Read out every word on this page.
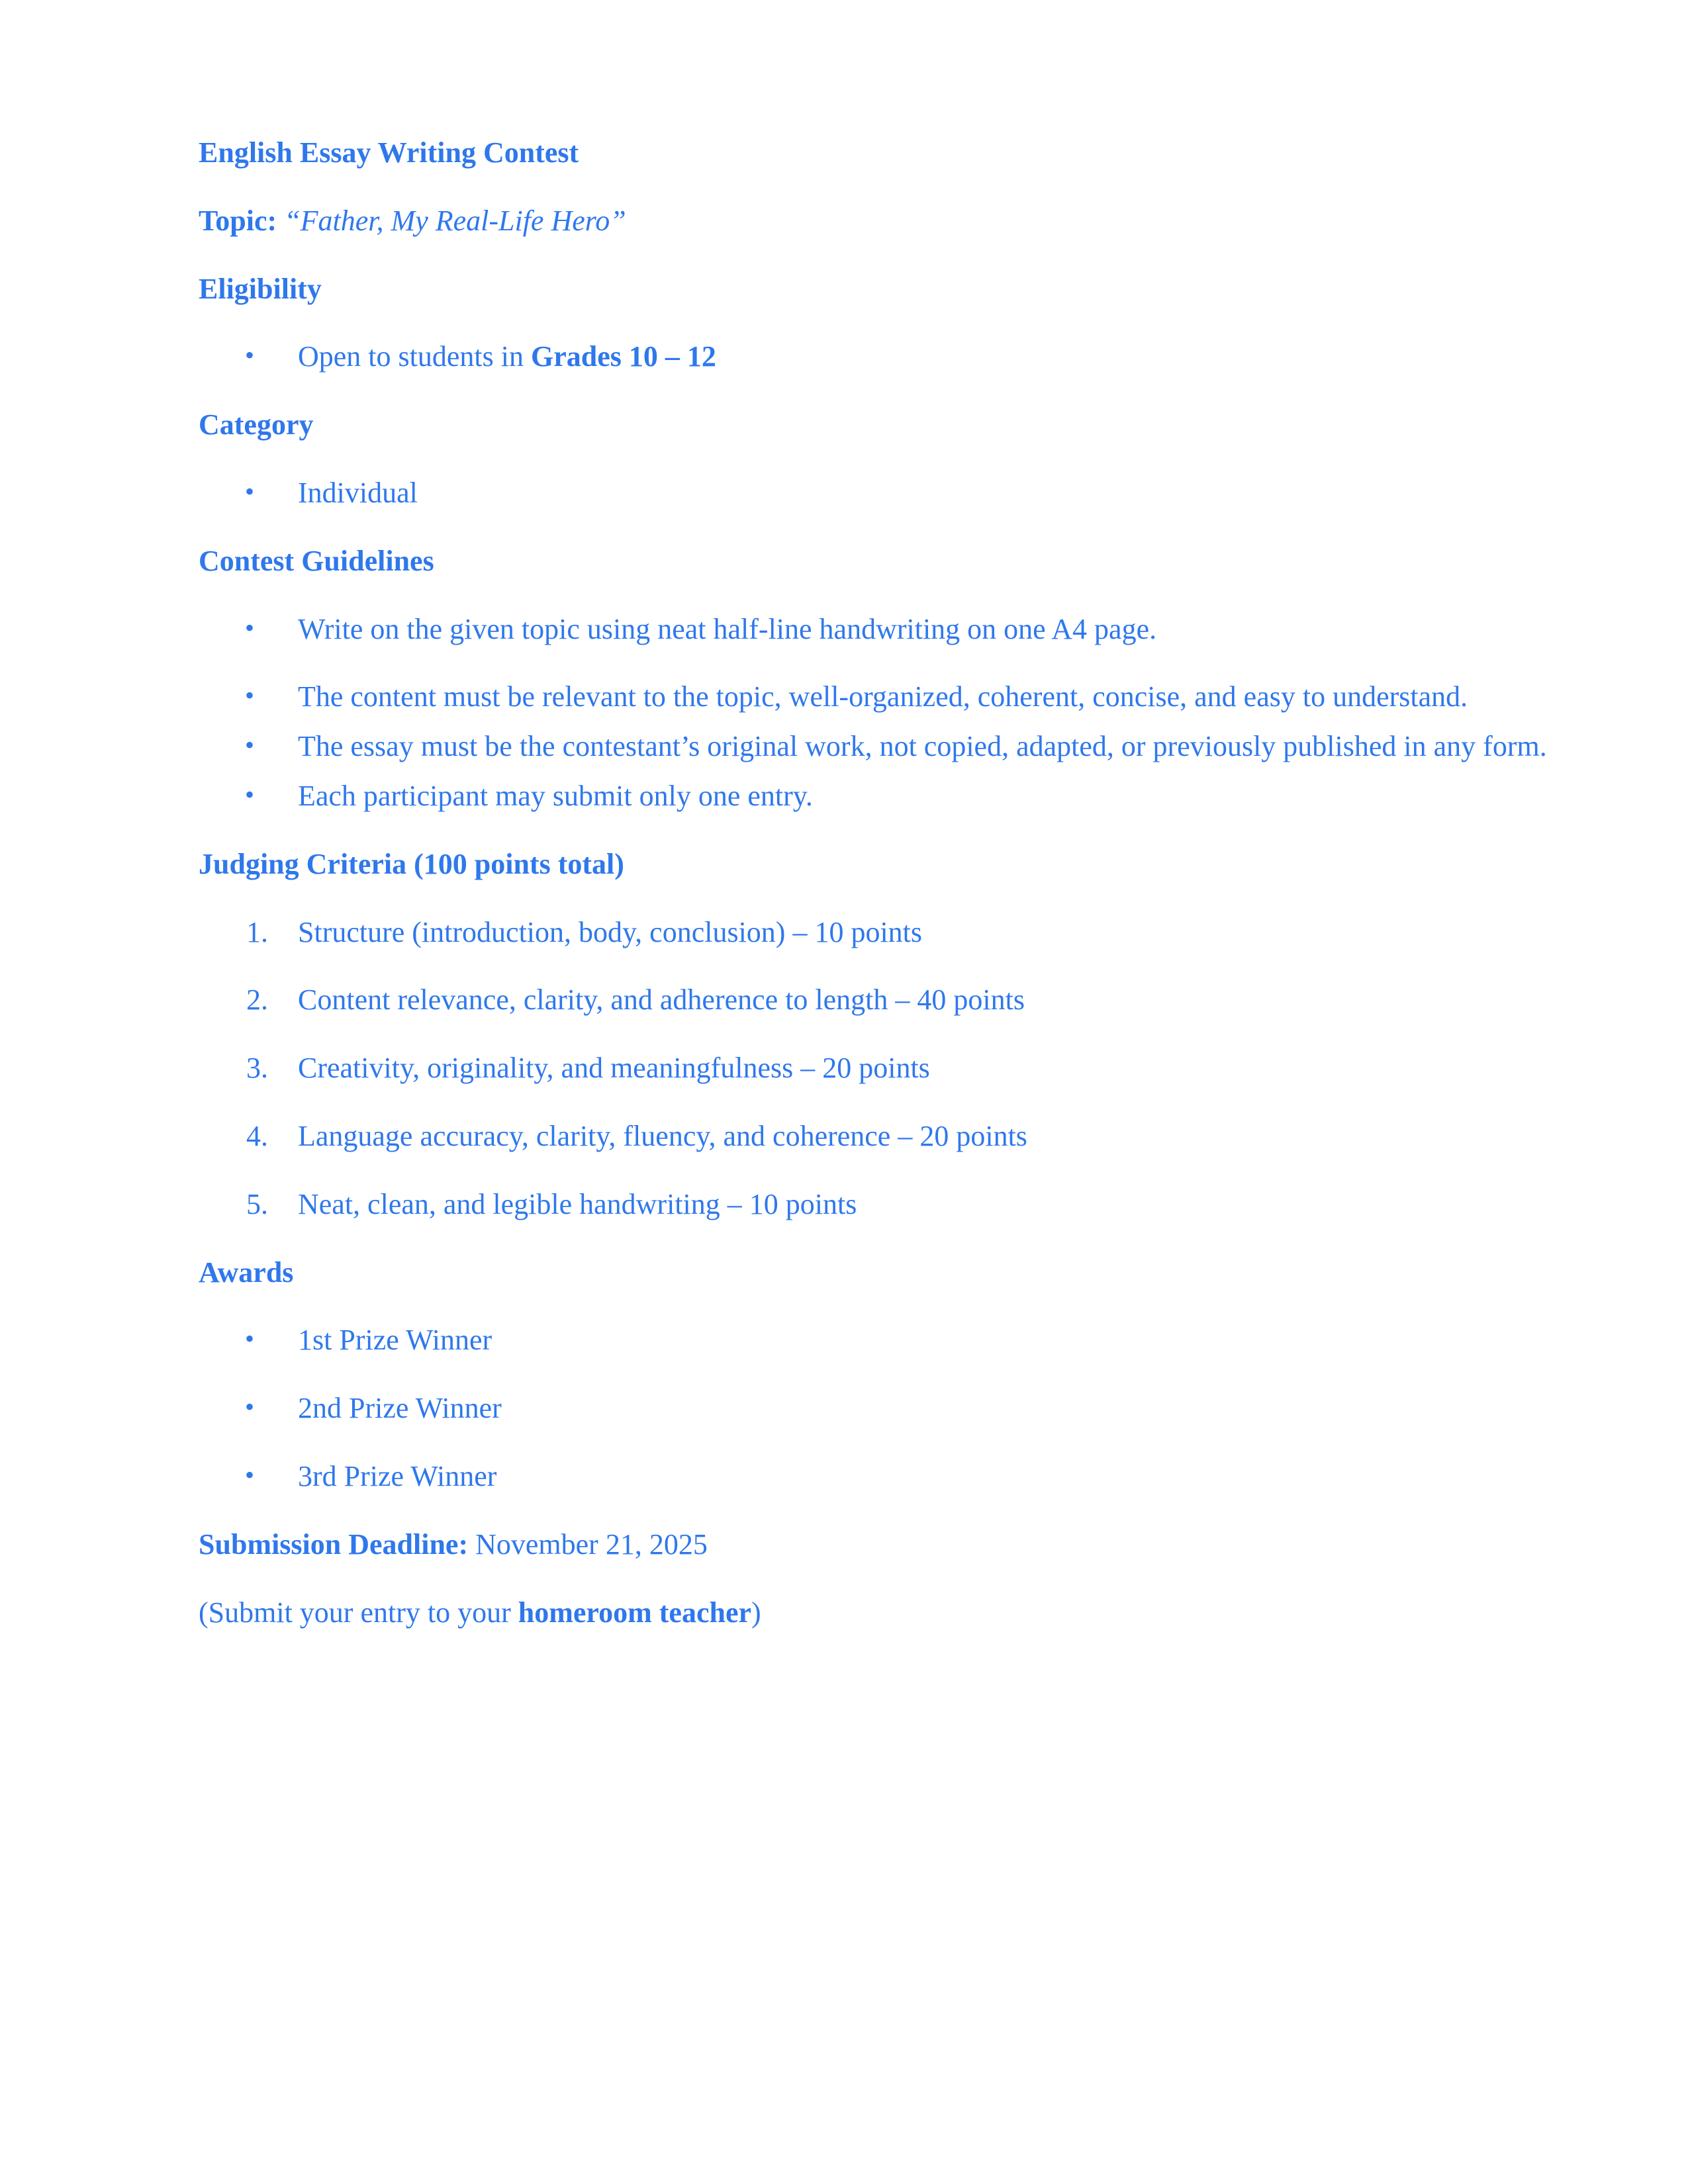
English Essay Writing Contest

Topic: “Father, My Real-Life Hero”

Eligibility

• Open to students in Grades 10 – 12

Category

• Individual

Contest Guidelines

• Write on the given topic using neat half-line handwriting on one A4 page.
• The content must be relevant to the topic, well-organized, coherent, concise, and easy to understand.
• The essay must be the contestant’s original work, not copied, adapted, or previously published in any form.
• Each participant may submit only one entry.

Judging Criteria (100 points total)

1. Structure (introduction, body, conclusion) – 10 points
2. Content relevance, clarity, and adherence to length – 40 points
3. Creativity, originality, and meaningfulness – 20 points
4. Language accuracy, clarity, fluency, and coherence – 20 points
5. Neat, clean, and legible handwriting – 10 points

Awards

• 1st Prize Winner
• 2nd Prize Winner
• 3rd Prize Winner

Submission Deadline: November 21, 2025

(Submit your entry to your homeroom teacher)
